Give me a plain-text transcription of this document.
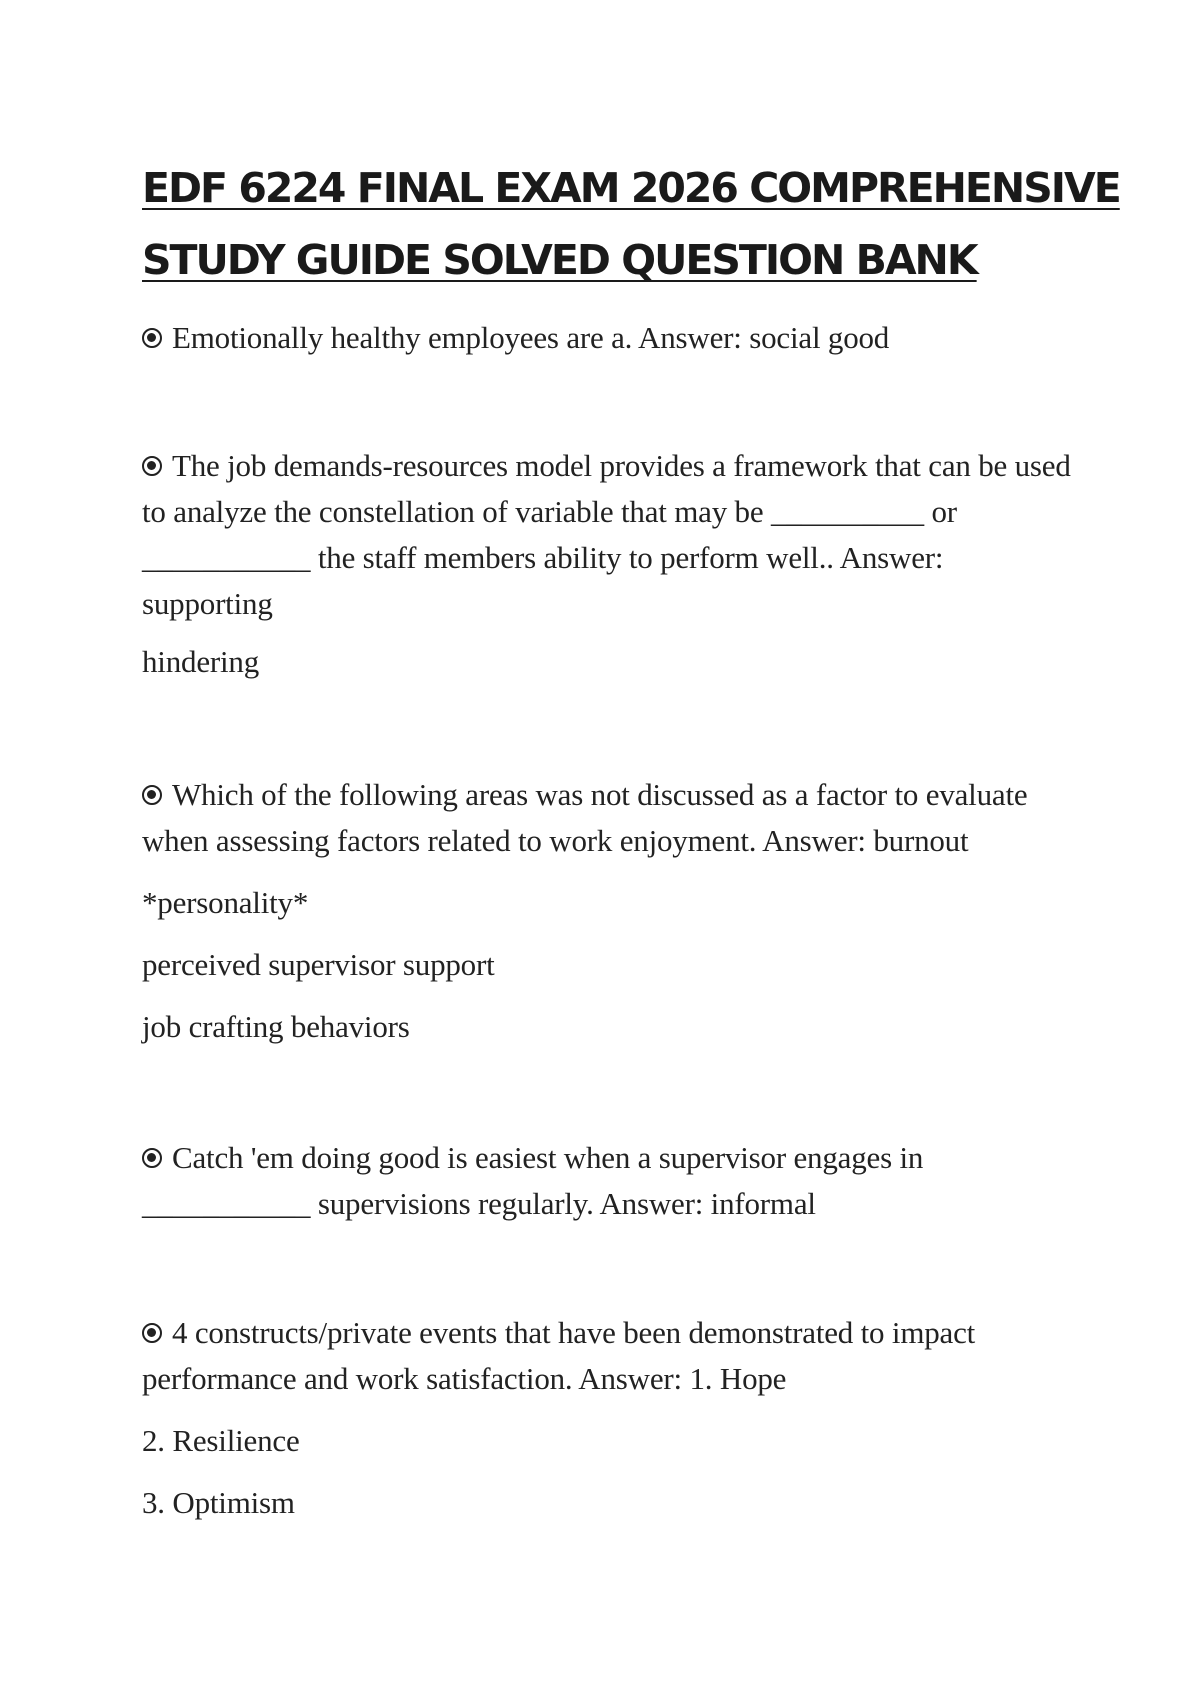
EDF 6224 FINAL EXAM 2026 COMPREHENSIVE
STUDY GUIDE SOLVED QUESTION BANK

Emotionally healthy employees are a. Answer: social good

The job demands-resources model provides a framework that can be used to analyze the constellation of variable that may be __________ or ___________ the staff members ability to perform well.. Answer: supporting

hindering

Which of the following areas was not discussed as a factor to evaluate when assessing factors related to work enjoyment. Answer: burnout

*personality*

perceived supervisor support

job crafting behaviors

Catch 'em doing good is easiest when a supervisor engages in ___________ supervisions regularly. Answer: informal

4 constructs/private events that have been demonstrated to impact performance and work satisfaction. Answer: 1. Hope

2. Resilience

3. Optimism
